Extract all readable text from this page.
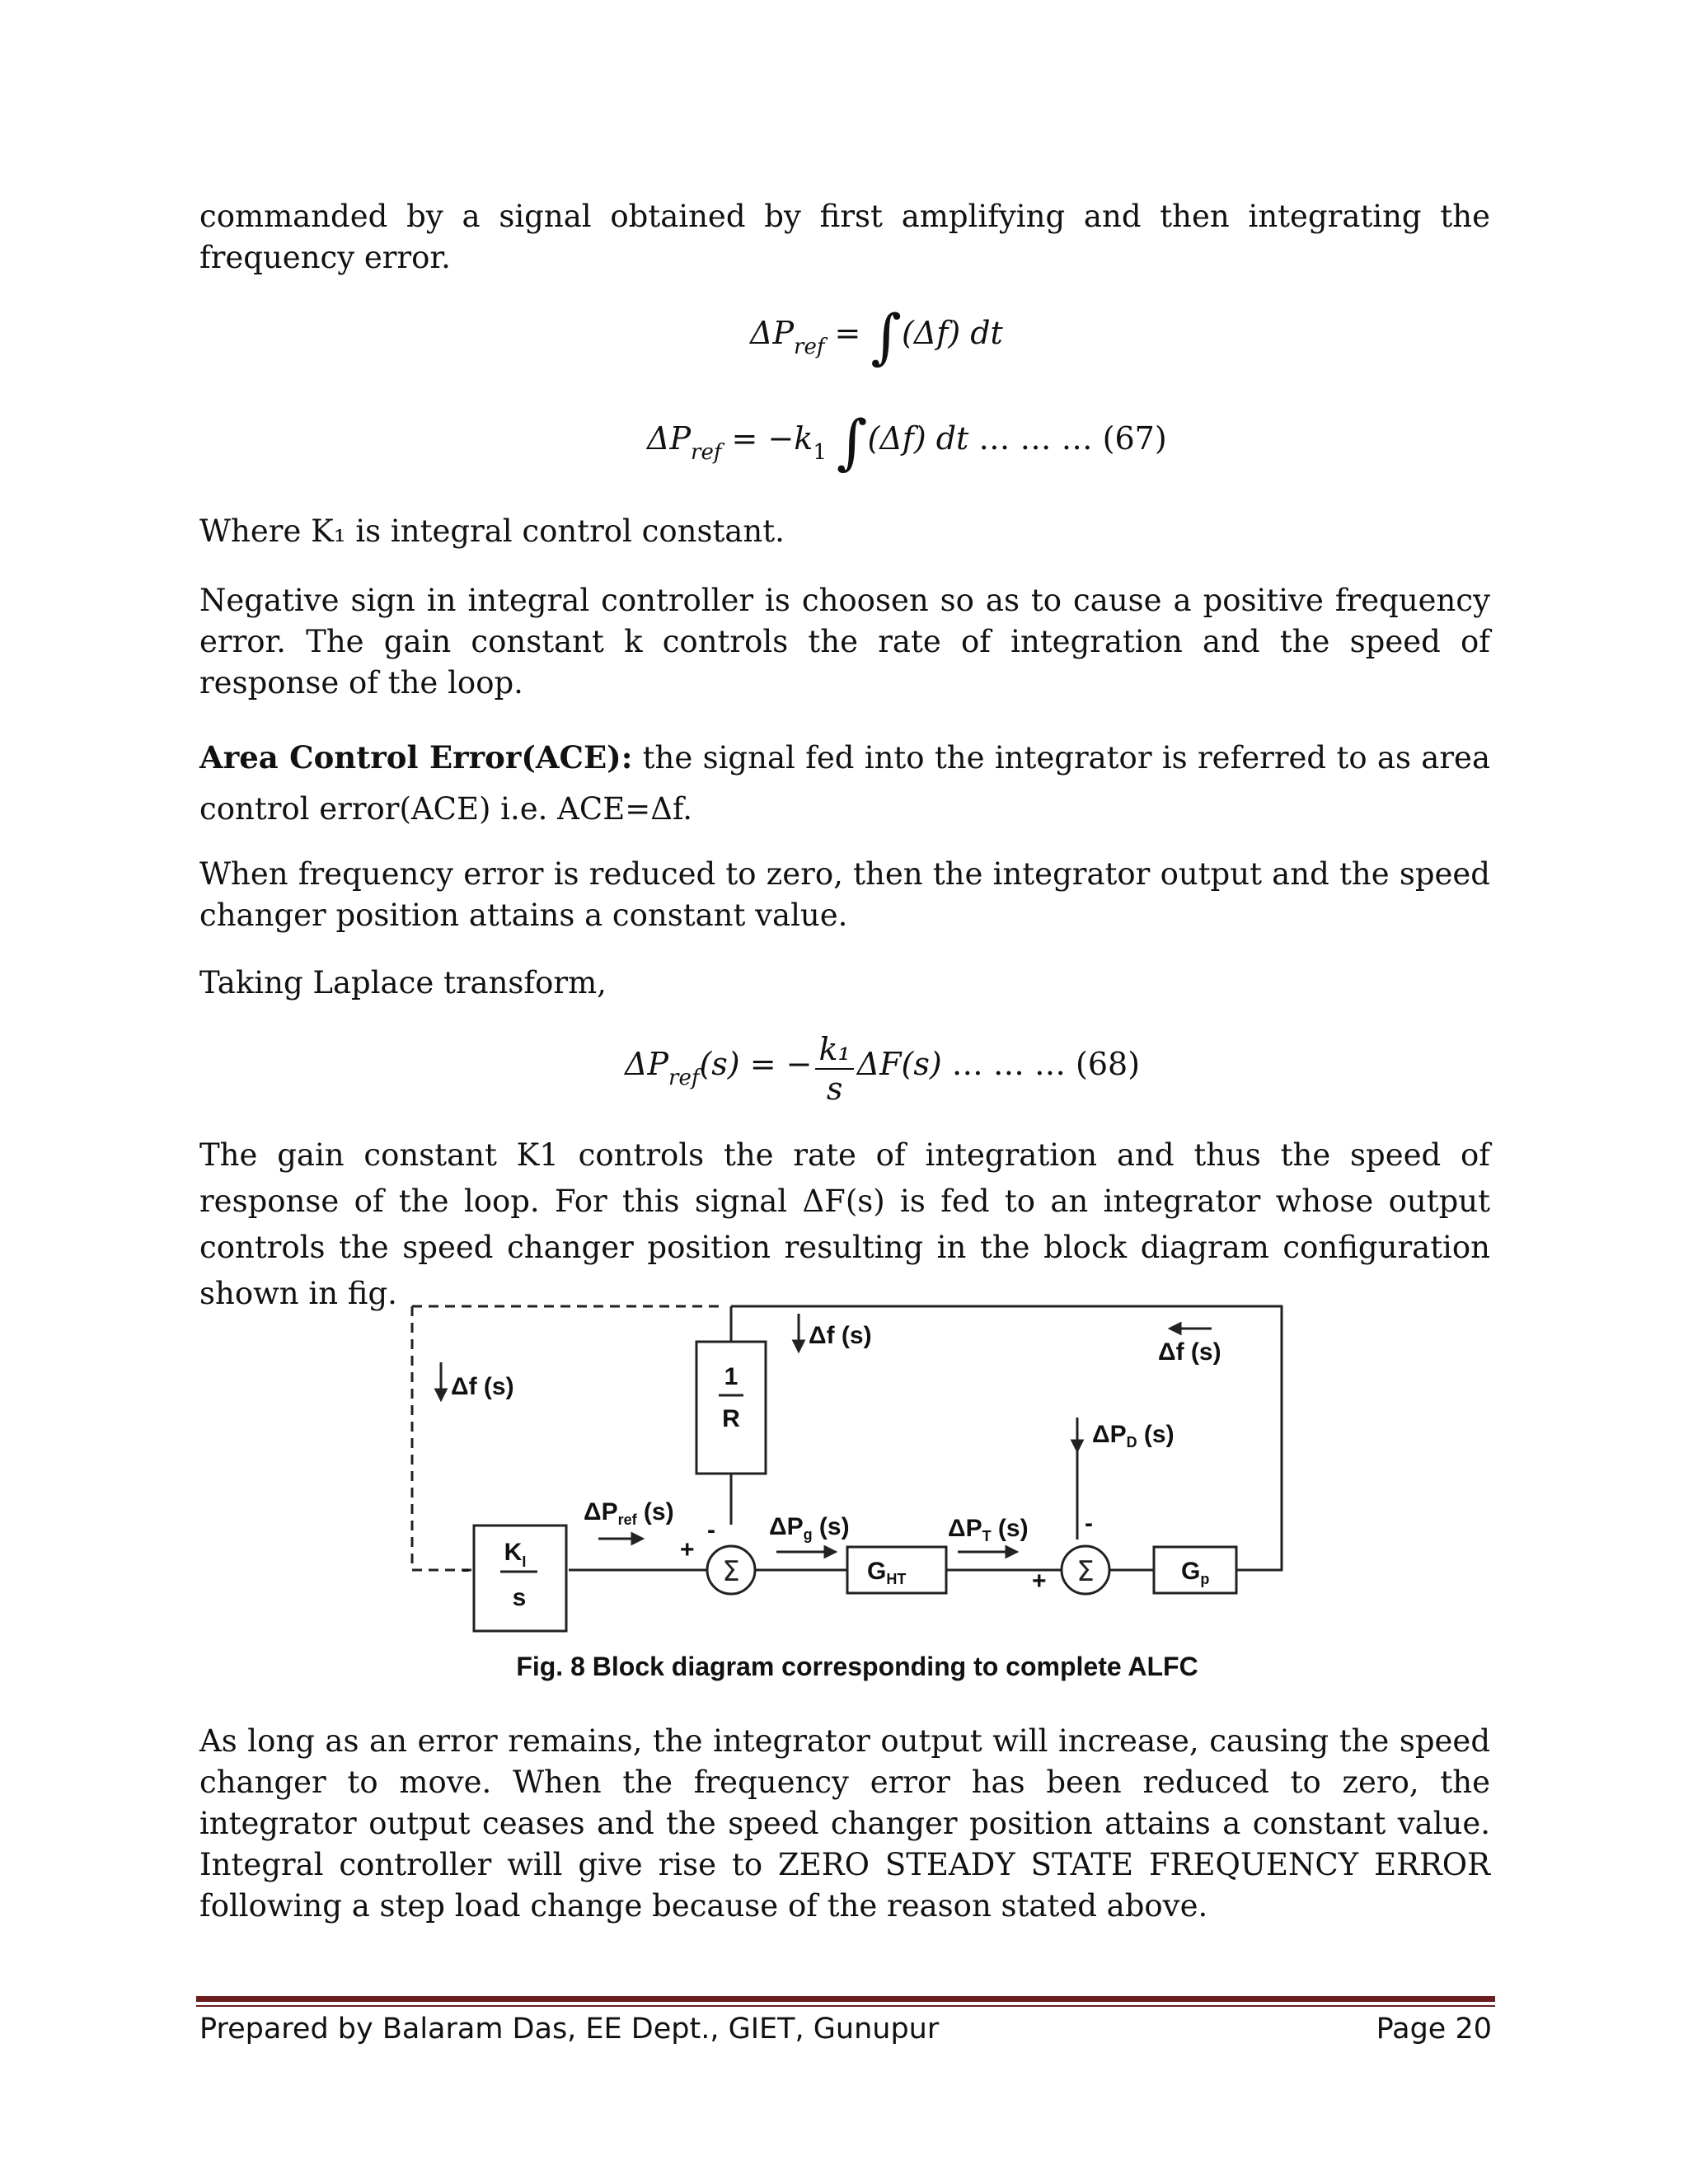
commanded by a signal obtained by first amplifying and then integrating the frequency error.

$\Delta P_{ref} = \int(\Delta f)$ dt
$\Delta P_{ref} = -k_1$ ∫(Δf) dt … … … (67)

Where K₁ is integral control constant.

Negative sign in integral controller is choosen so as to cause a positive frequency error. The gain constant k controls the rate of integration and the speed of response of the loop.

Area Control Error(ACE): the signal fed into the integrator is referred to as area control error(ACE) i.e. ACE=Δf.

When frequency error is reduced to zero, then the integrator output and the speed changer position attains a constant value.

Taking Laplace transform,

$\Delta P_{ref}(s)$ = − $\frac{\text{k₁}}{s} \Delta F(s)$ … … … (68)

The gain constant K1 controls the rate of integration and thus the speed of response of the loop. For this signal ΔF(s) is fed to an integrator whose output controls the speed changer position resulting in the block diagram configuration shown in fig.

1
R
$K_I$
s
-	Σ
-
+
$G_{HT}$	Σ
-
+	$G_p$
Δf (s)
Δf (s)
Δf (s)
$\Delta P_D$ (s)
$\Delta P_{ref}$ (s)
$\Delta P_g$ (s)	$\Delta P_T$ (s)
Fig. 8 Block diagram corresponding to complete ALFC

As long as an error remains, the integrator output will increase, causing the speed changer to move. When the frequency error has been reduced to zero, the integrator output ceases and the speed changer position attains a constant value. Integral controller will give rise to ZERO STEADY STATE FREQUENCY ERROR following a step load change because of the reason stated above.

Prepared by Balaram Das, EE Dept., GIET, Gunupur	Page 20
